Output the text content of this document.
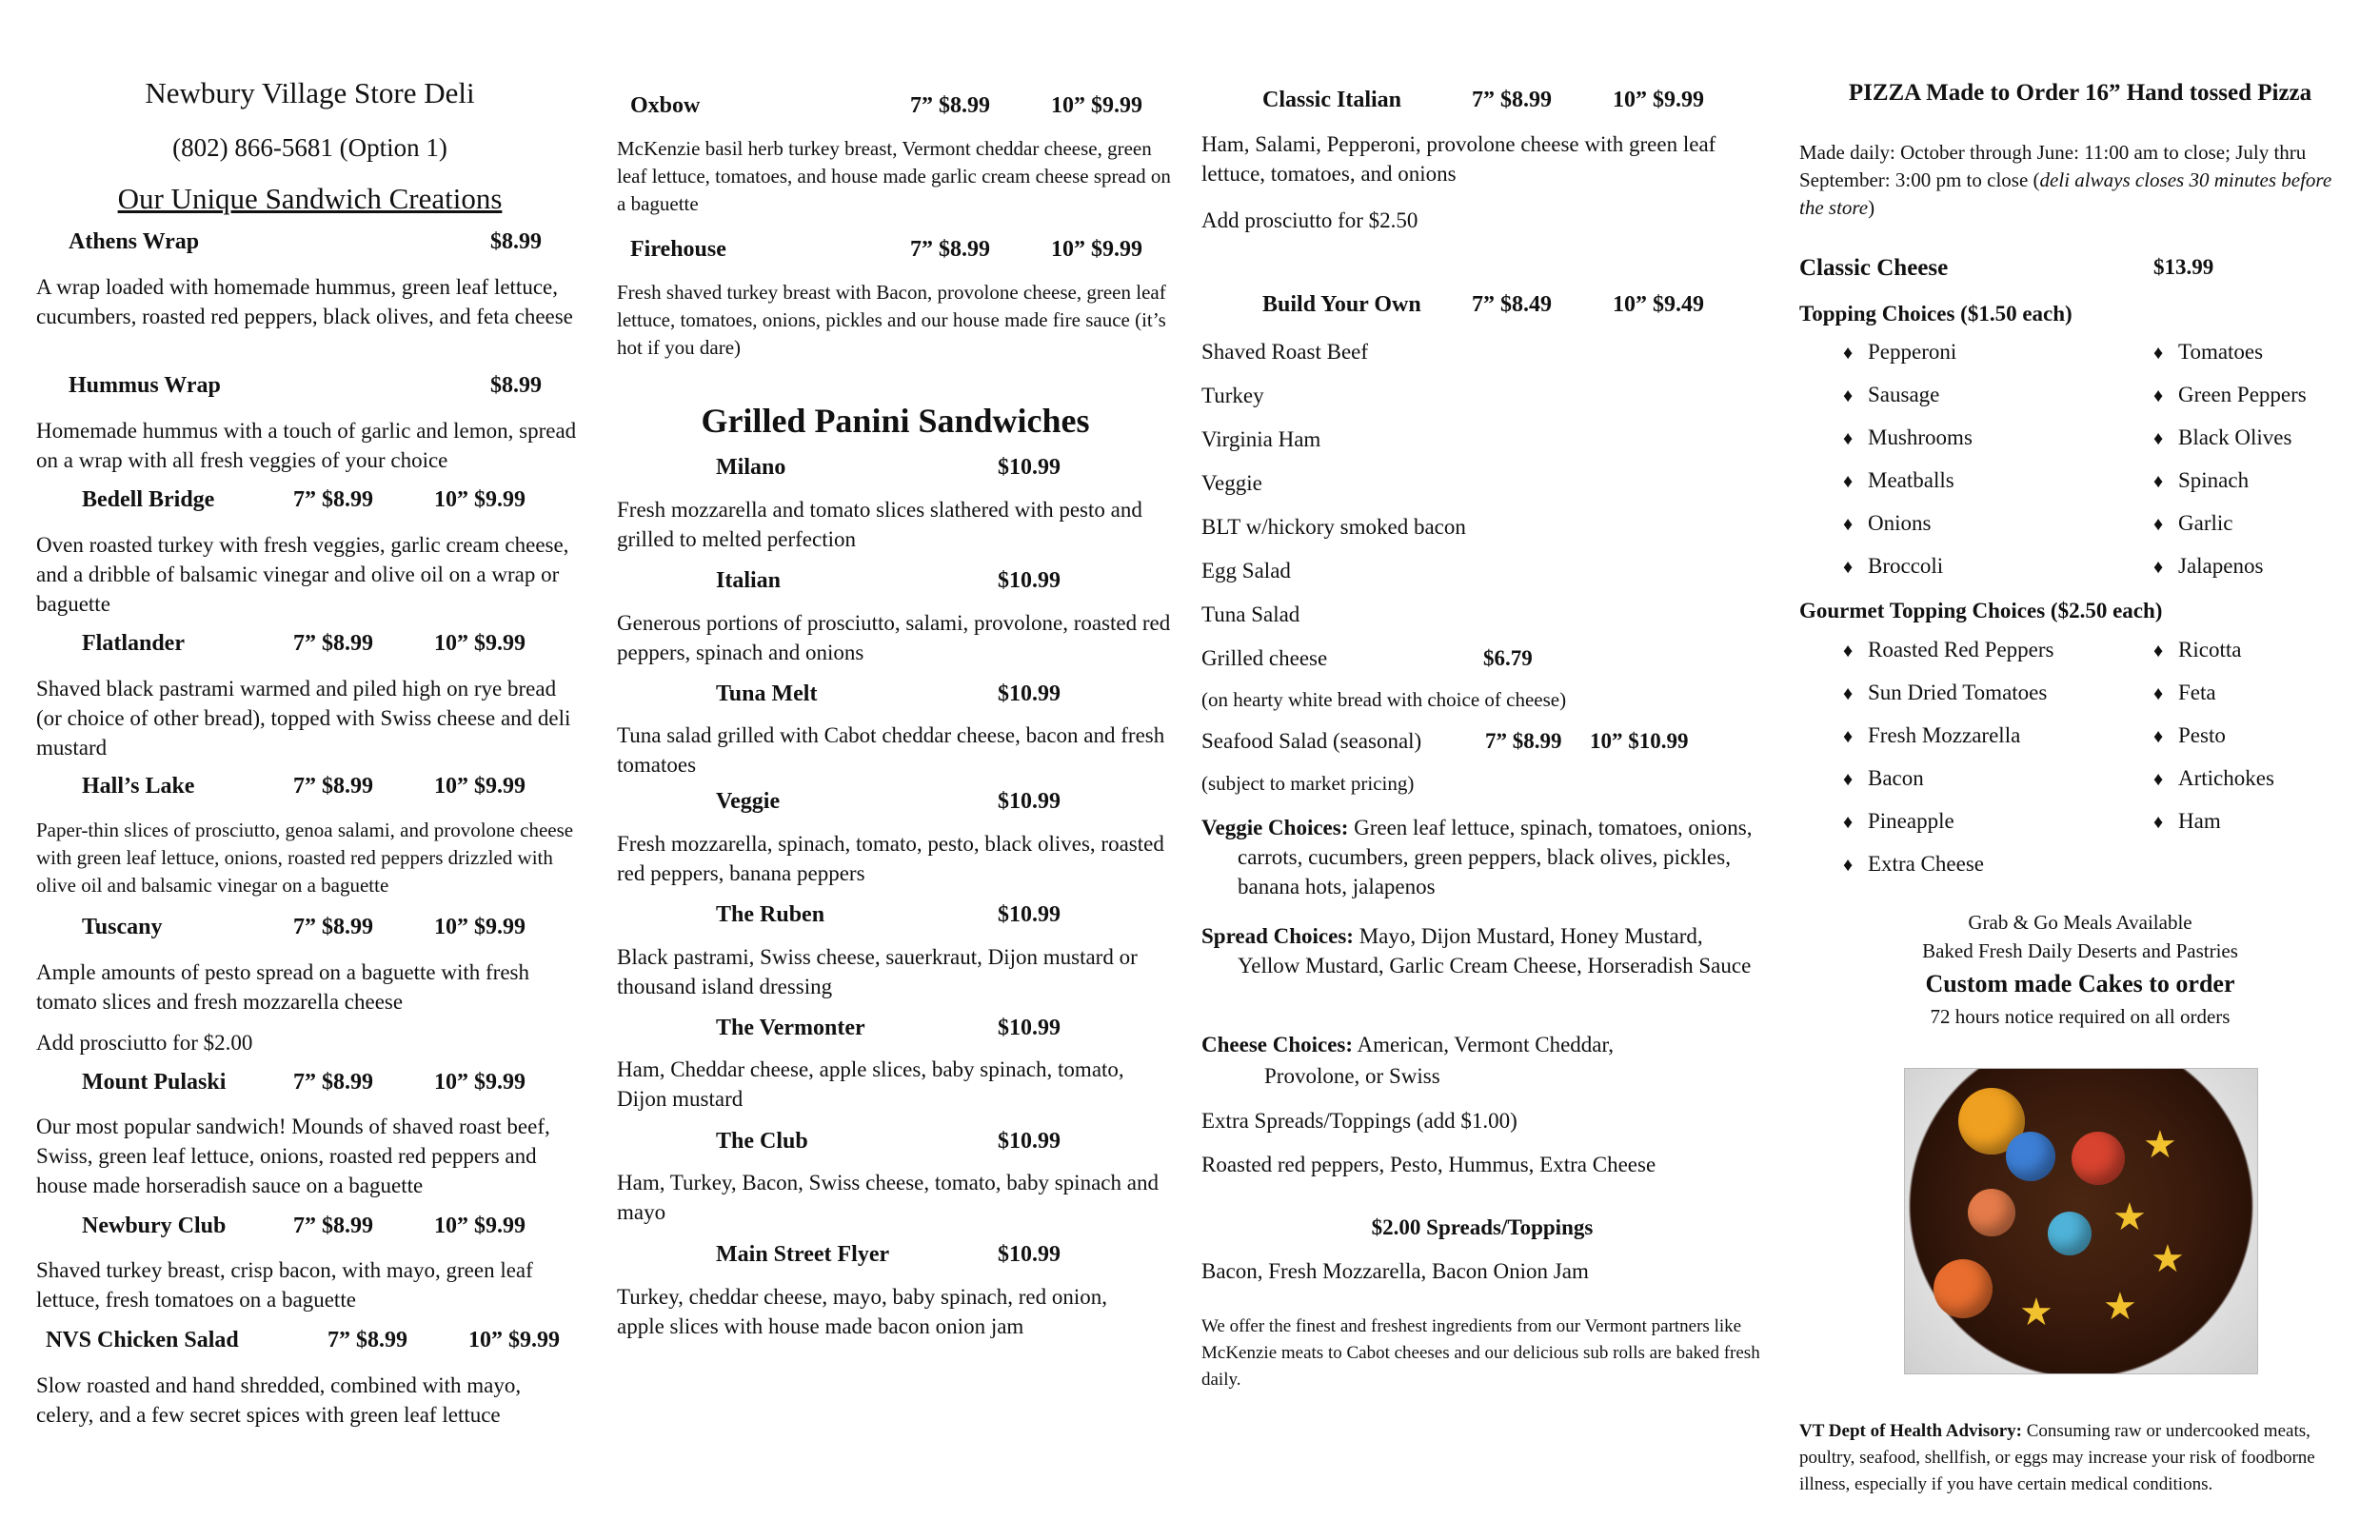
Newbury Village Store Deli
(802) 866-5681 (Option 1)
Our Unique Sandwich Creations
Athens Wrap	$8.99
A wrap loaded with homemade hummus, green leaf lettuce, cucumbers, roasted red peppers, black olives, and feta cheese
Hummus Wrap	$8.99
Homemade hummus with a touch of garlic and lemon, spread on a wrap with all fresh veggies of your choice
Bedell Bridge	7” $8.99	10” $9.99
Oven roasted turkey with fresh veggies, garlic cream cheese, and a dribble of balsamic vinegar and olive oil on a wrap or baguette
Flatlander	7” $8.99	10” $9.99
Shaved black pastrami warmed and piled high on rye bread (or choice of other bread), topped with Swiss cheese and deli mustard
Hall’s Lake	7” $8.99	10” $9.99
Paper-thin slices of prosciutto, genoa salami, and provolone cheese with green leaf lettuce, onions, roasted red peppers drizzled with olive oil and balsamic vinegar on a baguette
Tuscany	7” $8.99	10” $9.99
Ample amounts of pesto spread on a baguette with fresh tomato slices and fresh mozzarella cheese
Add prosciutto for $2.00
Mount Pulaski	7” $8.99	10” $9.99
Our most popular sandwich! Mounds of shaved roast beef, Swiss, green leaf lettuce, onions, roasted red peppers and house made horseradish sauce on a baguette
Newbury Club	7” $8.99	10” $9.99
Shaved turkey breast, crisp bacon, with mayo, green leaf lettuce, fresh tomatoes on a baguette
NVS Chicken Salad	7” $8.99	10” $9.99
Slow roasted and hand shredded, combined with mayo, celery, and a few secret spices with green leaf lettuce
Oxbow	7” $8.99	10” $9.99
McKenzie basil herb turkey breast, Vermont cheddar cheese, green leaf lettuce, tomatoes, and house made garlic cream cheese spread on a baguette
Firehouse	7” $8.99	10” $9.99
Fresh shaved turkey breast with Bacon, provolone cheese, green leaf lettuce, tomatoes, onions, pickles and our house made fire sauce (it’s hot if you dare)
Grilled Panini Sandwiches
Milano	$10.99
Fresh mozzarella and tomato slices slathered with pesto and grilled to melted perfection
Italian	$10.99
Generous portions of prosciutto, salami, provolone, roasted red peppers, spinach and onions
Tuna Melt	$10.99
Tuna salad grilled with Cabot cheddar cheese, bacon and fresh tomatoes
Veggie	$10.99
Fresh mozzarella, spinach, tomato, pesto, black olives, roasted red peppers, banana peppers
The Ruben	$10.99
Black pastrami, Swiss cheese, sauerkraut, Dijon mustard or thousand island dressing
The Vermonter	$10.99
Ham, Cheddar cheese, apple slices, baby spinach, tomato, Dijon mustard
The Club	$10.99
Ham, Turkey, Bacon, Swiss cheese, tomato, baby spinach and mayo
Main Street Flyer	$10.99
Turkey, cheddar cheese, mayo, baby spinach, red onion, apple slices with house made bacon onion jam
Classic Italian	7” $8.99	10” $9.99
Ham, Salami, Pepperoni, provolone cheese with green leaf lettuce, tomatoes, and onions
Add prosciutto for $2.50
Build Your Own 7” $8.49	10” $9.49
Shaved Roast Beef
Turkey
Virginia Ham
Veggie
BLT w/hickory smoked bacon
Egg Salad
Tuna Salad
Grilled cheese	$6.79
(on hearty white bread with choice of cheese)
Seafood Salad (seasonal)	7” $8.99 10” $10.99
(subject to market pricing)
Veggie Choices: Green leaf lettuce, spinach, tomatoes, onions, carrots, cucumbers, green peppers, black olives, pickles, banana hots, jalapenos
Spread Choices: Mayo, Dijon Mustard, Honey Mustard, Yellow Mustard, Garlic Cream Cheese, Horseradish Sauce
Cheese Choices: American, Vermont Cheddar,
Provolone, or Swiss
Extra Spreads/Toppings (add $1.00)
Roasted red peppers, Pesto, Hummus, Extra Cheese
$2.00 Spreads/Toppings
Bacon, Fresh Mozzarella, Bacon Onion Jam
We offer the finest and freshest ingredients from our Vermont partners like McKenzie meats to Cabot cheeses and our delicious sub rolls are baked fresh daily.
PIZZA Made to Order 16” Hand tossed Pizza
Made daily: October through June: 11:00 am to close; July thru September: 3:00 pm to close (deli always closes 30 minutes before the store)
Classic Cheese	$13.99
Topping Choices ($1.50 each)
♦ Pepperoni
♦ Sausage
♦ Mushrooms
♦ Meatballs
♦ Onions
♦ Broccoli
♦ Tomatoes
♦ Green Peppers
♦ Black Olives
♦ Spinach
♦ Garlic
♦ Jalapenos
Gourmet Topping Choices ($2.50 each)
♦ Roasted Red Peppers
♦ Sun Dried Tomatoes
♦ Fresh Mozzarella
♦ Bacon
♦ Pineapple
♦ Extra Cheese
♦ Ricotta
♦ Feta
♦ Pesto
♦ Artichokes
♦ Ham
Grab & Go Meals Available
Baked Fresh Daily Deserts and Pastries
Custom made Cakes to order
72 hours notice required on all orders
★
★
★
★
★
VT Dept of Health Advisory: Consuming raw or undercooked meats, poultry, seafood, shellfish, or eggs may increase your risk of foodborne illness, especially if you have certain medical conditions.
